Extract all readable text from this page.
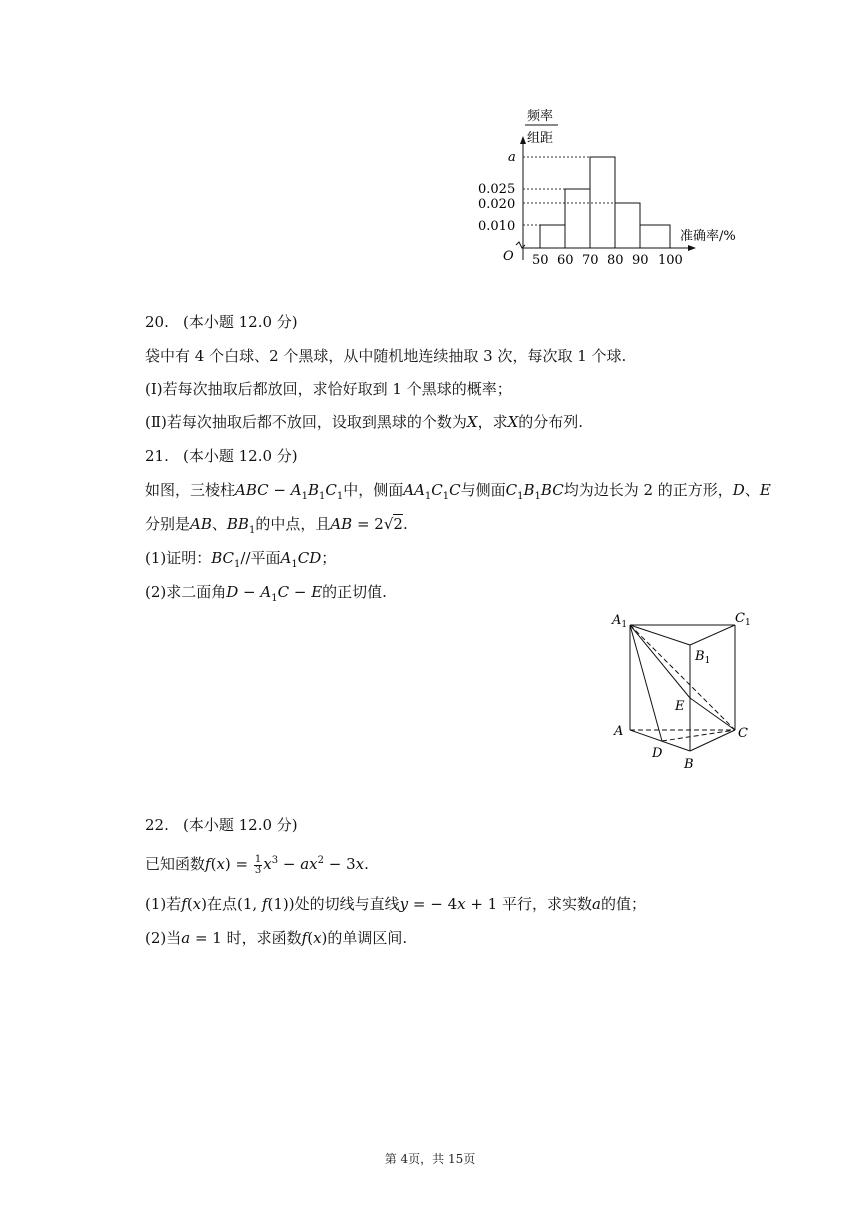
频率
组距
a
0.025
0.020
0.010
O 50 60 70 80 90 100
准确率/%
20. (本小题 12.0 分)
袋中有 4 个白球、2 个黑球，从中随机地连续抽取 3 次，每次取 1 个球.
(Ⅰ)若每次抽取后都放回，求恰好取到 1 个黑球的概率；
(Ⅱ)若每次抽取后都不放回，设取到黑球的个数为X，求X的分布列.
21. (本小题 12.0 分)
如图，三棱柱ABC − $A_1B_1C_1$中，侧面$AA_1C_1C$与侧面$C_1B_1BC$均为边长为 2 的正方形，D、E
分别是AB、$BB_1$的中点，且AB = 2√2.
(1)证明：$BC_1//$平面$A_1CD$；
(2)求二面角$D - A_1C - E$的正切值.
$A_1$	$C_1$
$B_1$
E
A
D
B
C
22. (本小题 12.0 分)
已知函数$f(x) = \frac{1}{3} x^3 - ax^2 - 3x$.
(1)若f(x)在点(1, f(1))处的切线与直线y = − 4x + 1 平行，求实数a的值；
(2)当a = 1 时，求函数f(x)的单调区间.
第 4页，共 15页
